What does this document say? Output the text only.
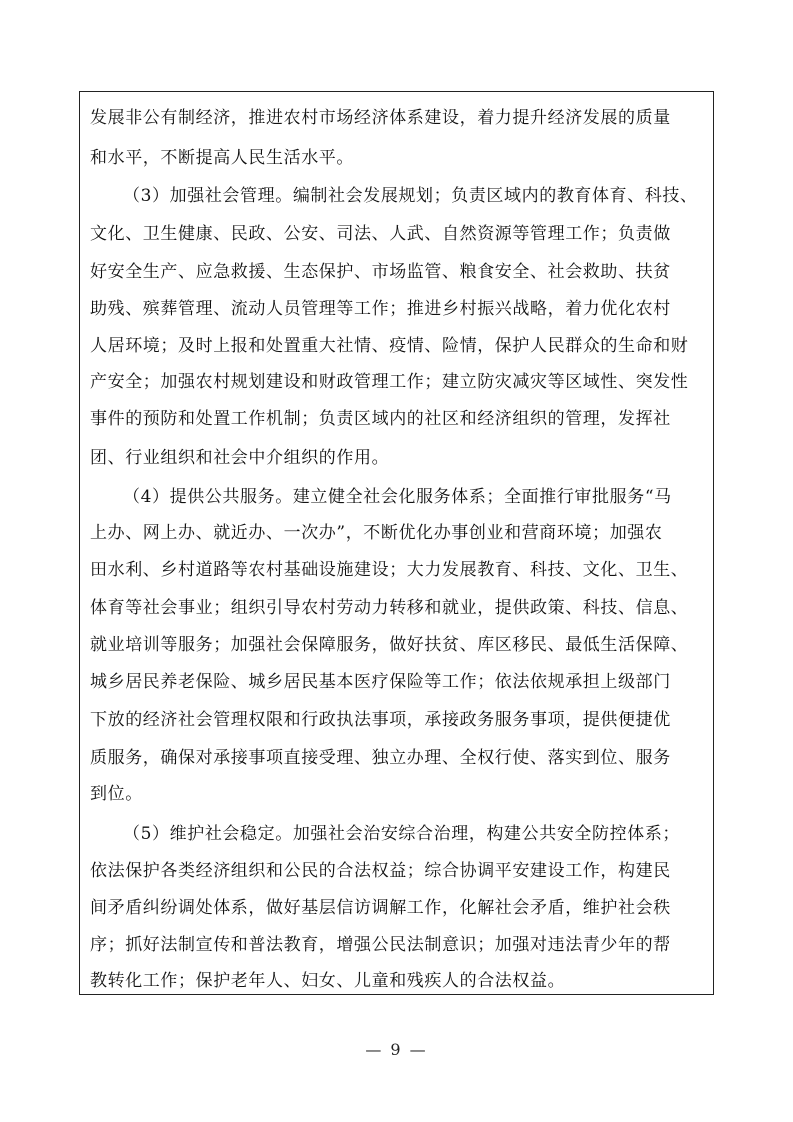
发展非公有制经济，推进农村市场经济体系建设，着力提升经济发展的质量
和水平，不断提高人民生活水平。
（3）加强社会管理。编制社会发展规划；负责区域内的教育体育、科技、
文化、卫生健康、民政、公安、司法、人武、自然资源等管理工作；负责做
好安全生产、应急救援、生态保护、市场监管、粮食安全、社会救助、扶贫
助残、殡葬管理、流动人员管理等工作；推进乡村振兴战略，着力优化农村
人居环境；及时上报和处置重大社情、疫情、险情，保护人民群众的生命和财
产安全；加强农村规划建设和财政管理工作；建立防灾减灾等区域性、突发性
事件的预防和处置工作机制；负责区域内的社区和经济组织的管理，发挥社
团、行业组织和社会中介组织的作用。
（4）提供公共服务。建立健全社会化服务体系；全面推行审批服务“马
上办、网上办、就近办、一次办”，不断优化办事创业和营商环境；加强农
田水利、乡村道路等农村基础设施建设；大力发展教育、科技、文化、卫生、
体育等社会事业；组织引导农村劳动力转移和就业，提供政策、科技、信息、
就业培训等服务；加强社会保障服务，做好扶贫、库区移民、最低生活保障、
城乡居民养老保险、城乡居民基本医疗保险等工作；依法依规承担上级部门
下放的经济社会管理权限和行政执法事项，承接政务服务事项，提供便捷优
质服务，确保对承接事项直接受理、独立办理、全权行使、落实到位、服务
到位。
（5）维护社会稳定。加强社会治安综合治理，构建公共安全防控体系；
依法保护各类经济组织和公民的合法权益；综合协调平安建设工作，构建民
间矛盾纠纷调处体系，做好基层信访调解工作，化解社会矛盾，维护社会秩
序；抓好法制宣传和普法教育，增强公民法制意识；加强对违法青少年的帮
教转化工作；保护老年人、妇女、儿童和残疾人的合法权益。
— 9 —
